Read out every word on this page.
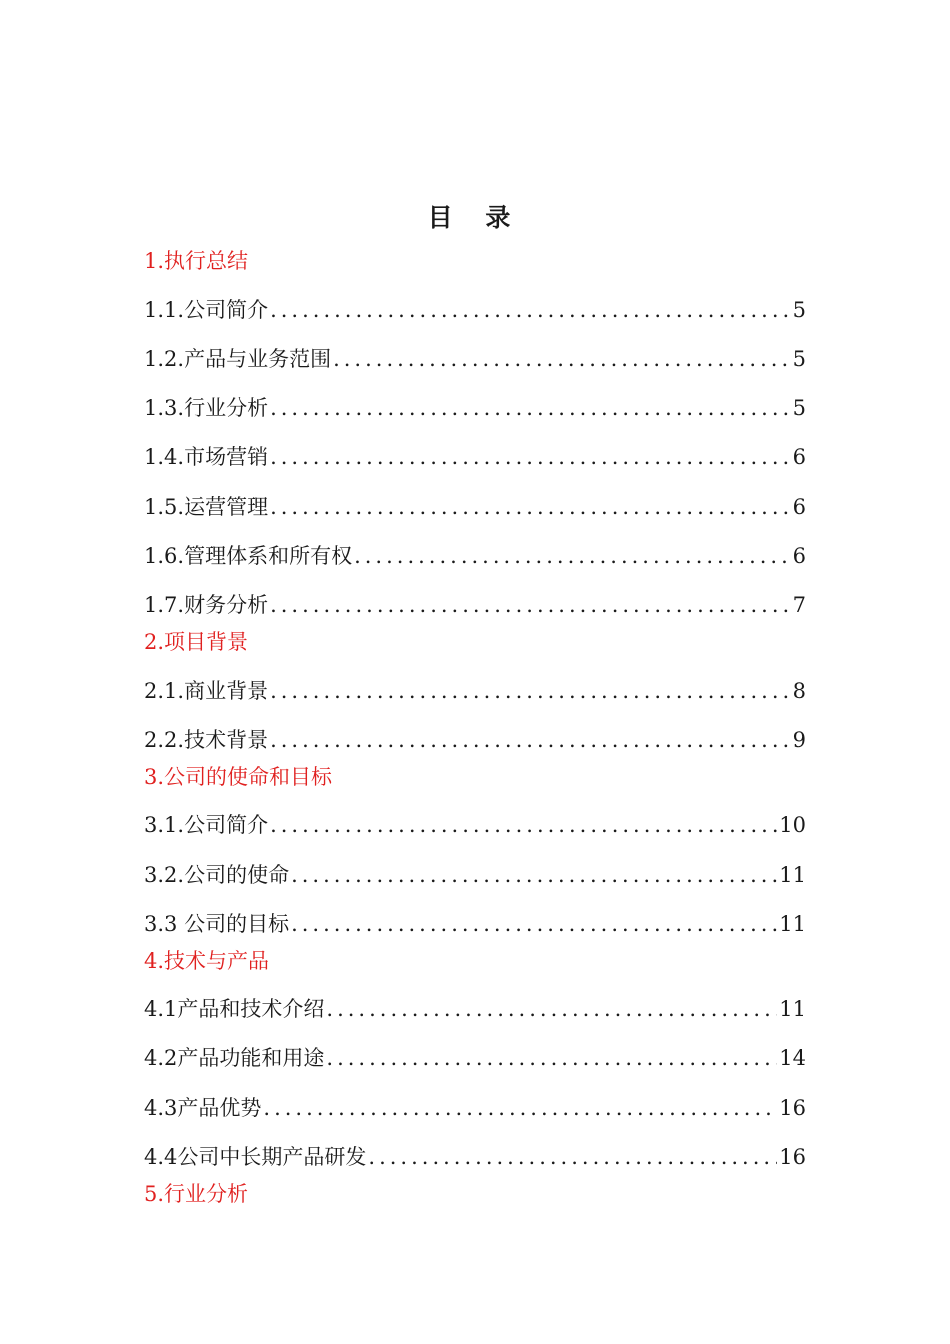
目 录
1.执行总结
1.1.公司简介 .....	5
1.2.产品与业务范围 .....	5
1.3.行业分析 .....	5
1.4.市场营销 .....	6
1.5.运营管理 .....	6
1.6.管理体系和所有权 .....	6
1.7.财务分析 .....	7
2.项目背景
2.1.商业背景 .....	8
2.2.技术背景 .....	9
3.公司的使命和目标
3.1.公司简介 .....	10
3.2.公司的使命 .....	11
3.3 公司的目标 .....	11
4.技术与产品
4.1产品和技术介绍 .....	11
4.2产品功能和用途 .....	14
4.3产品优势 .....	16
4.4公司中长期产品研发 .....	16
5.行业分析
